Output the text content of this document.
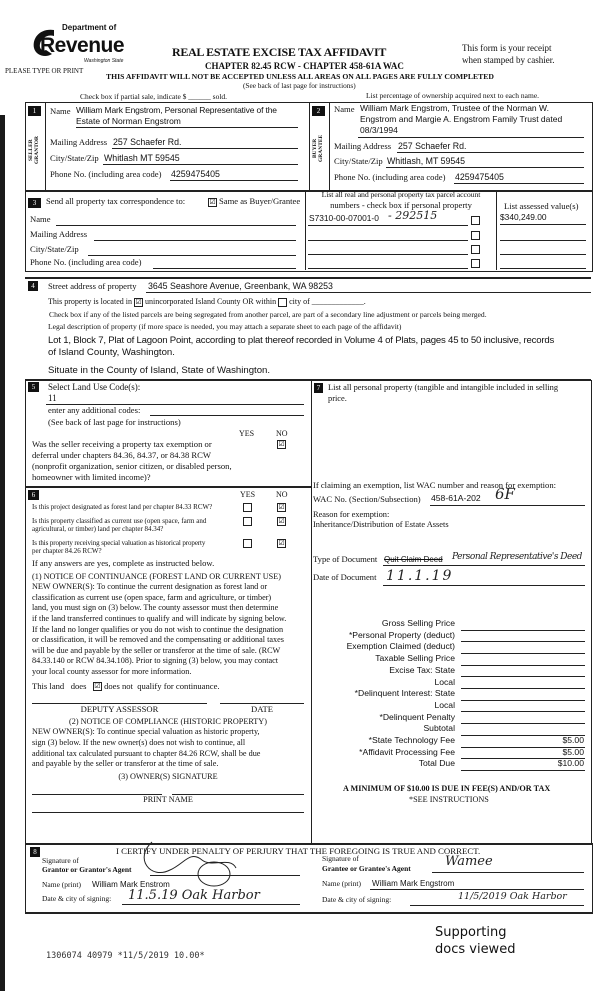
Department of
Revenue
Washington State
PLEASE TYPE OR PRINT
REAL ESTATE EXCISE TAX AFFIDAVIT
CHAPTER 82.45 RCW - CHAPTER 458-61A WAC
This form is your receipt
when stamped by cashier.
THIS AFFIDAVIT WILL NOT BE ACCEPTED UNLESS ALL AREAS ON ALL PAGES ARE FULLY COMPLETED
(See back of last page for instructions)
Check box if partial sale, indicate $ ______ sold.	List percentage of ownership acquired next to each name.
1
SELLER GRANTOR
Name William Mark Engstrom, Personal Representative of the
Estate of Norman Engstrom
Mailing Address 257 Schaefer Rd.
City/State/Zip Whitlash MT 59545
Phone No. (including area code) 4259475405
2
BUYER GRANTEE
Name William Mark Engstrom, Trustee of the Norman W.
Engstrom and Margie A. Engstrom Family Trust dated
08/3/1994
Mailing Address 257 Schaefer Rd.
City/State/Zip Whitlash, MT 59545
Phone No. (including area code) 4259475405
3	Send all property tax correspondence to:	☑ Same as Buyer/Grantee
Name
Mailing Address
City/State/Zip
Phone No. (including area code)
List all real and personal property tax parcel account
numbers - check box if personal property
S7310-00-07001-0 - 292515
List assessed value(s)
$340,249.00
4	Street address of property 3645 Seashore Avenue, Greenbank, WA 98253
This property is located in ☑ unincorporated Island County OR within city of _____________.
Check box if any of the listed parcels are being segregated from another parcel, are part of a secondary line adjustment or parcels being merged.
Legal description of property (if more space is needed, you may attach a separate sheet to each page of the affidavit)
Lot 1, Block 7, Plat of Lagoon Point, according to plat thereof recorded in Volume 4 of Plats, pages 45 to 50 inclusive, records
of Island County, Washington.
Situate in the County of Island, State of Washington.
5	Select Land Use Code(s):
11
enter any additional codes:
(See back of last page for instructions)
YES	NO
☑
Was the seller receiving a property tax exemption or
deferral under chapters 84.36, 84.37, or 84.38 RCW
(nonprofit organization, senior citizen, or disabled person,
homeowner with limited income)?
6	YES	NO
Is this project designated as forest land per chapter 84.33 RCW?	☑
Is this property classified as current use (open space, farm and
agricultural, or timber) land per chapter 84.34?
☑
Is this property receiving special valuation as historical property
per chapter 84.26 RCW?
☑
If any answers are yes, complete as instructed below.
(1) NOTICE OF CONTINUANCE (FOREST LAND OR CURRENT USE)
NEW OWNER(S): To continue the current designation as forest land or
classification as current use (open space, farm and agriculture, or timber)
land, you must sign on (3) below. The county assessor must then determine
if the land transferred continues to qualify and will indicate by signing below.
If the land no longer qualifies or you do not wish to continue the designation
or classification, it will be removed and the compensating or additional taxes
will be due and payable by the seller or transferor at the time of sale. (RCW
84.33.140 or RCW 84.34.108). Prior to signing (3) below, you may contact
your local county assessor for more information.
This land does ☑ does not qualify for continuance.
DEPUTY ASSESSOR	DATE
(2) NOTICE OF COMPLIANCE (HISTORIC PROPERTY)
NEW OWNER(S): To continue special valuation as historic property,
sign (3) below. If the new owner(s) does not wish to continue, all
additional tax calculated pursuant to chapter 84.26 RCW, shall be due
and payable by the seller or transferor at the time of sale.
(3) OWNER(S) SIGNATURE
PRINT NAME
7 List all personal property (tangible and intangible included in selling
price.
If claiming an exemption, list WAC number and reason for exemption:
WAC No. (Section/Subsection) 458-61A-202 6F
Reason for exemption:
Inheritance/Distribution of Estate Assets
Type of Document Quit Claim Deed Personal Representative's Deed
Date of Document 11.1.19
Gross Selling Price
*Personal Property (deduct)
Exemption Claimed (deduct)
Taxable Selling Price
Excise Tax: State
Local
*Delinquent Interest: State
Local
*Delinquent Penalty
Subtotal
*State Technology Fee	$5.00
*Affidavit Processing Fee	$5.00
Total Due	$10.00
A MINIMUM OF $10.00 IS DUE IN FEE(S) AND/OR TAX
*SEE INSTRUCTIONS
8	I CERTIFY UNDER PENALTY OF PERJURY THAT THE FOREGOING IS TRUE AND CORRECT.
Signature of
Grantor or Grantor's Agent
Name (print) William Mark Enstrom
Date & city of signing: 11.5.19 Oak Harbor
Signature of
Grantee or Grantee's Agent	Wamee
Name (print) William Mark Engstrom
Date & city of signing:	11/5/2019 Oak Harbor
1306074 40979 *11/5/2019 10.00*
Supporting
docs viewed
